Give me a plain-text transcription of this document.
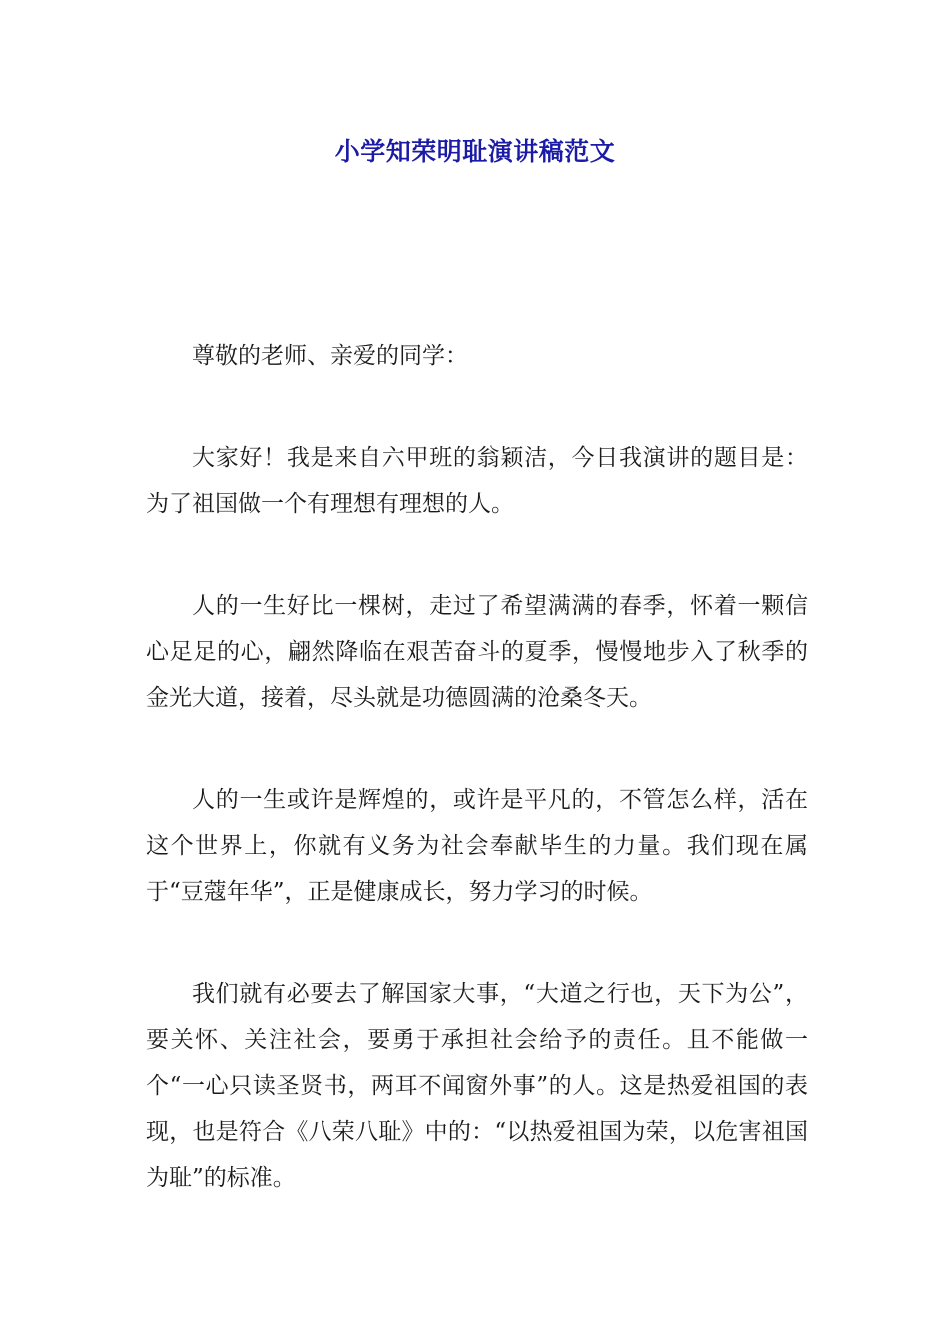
小学知荣明耻演讲稿范文

尊敬的老师、亲爱的同学：

大家好！我是来自六甲班的翁颖洁，今日我演讲的题目是：为了祖国做一个有理想有理想的人。

人的一生好比一棵树，走过了希望满满的春季，怀着一颗信心足足的心，翩然降临在艰苦奋斗的夏季，慢慢地步入了秋季的金光大道，接着，尽头就是功德圆满的沧桑冬天。

人的一生或许是辉煌的，或许是平凡的，不管怎么样，活在这个世界上，你就有义务为社会奉献毕生的力量。我们现在属于“豆蔻年华”，正是健康成长，努力学习的时候。

我们就有必要去了解国家大事，“大道之行也，天下为公”，要关怀、关注社会，要勇于承担社会给予的责任。且不能做一个“一心只读圣贤书，两耳不闻窗外事”的人。这是热爱祖国的表现，也是符合《八荣八耻》中的：“以热爱祖国为荣，以危害祖国为耻”的标准。
